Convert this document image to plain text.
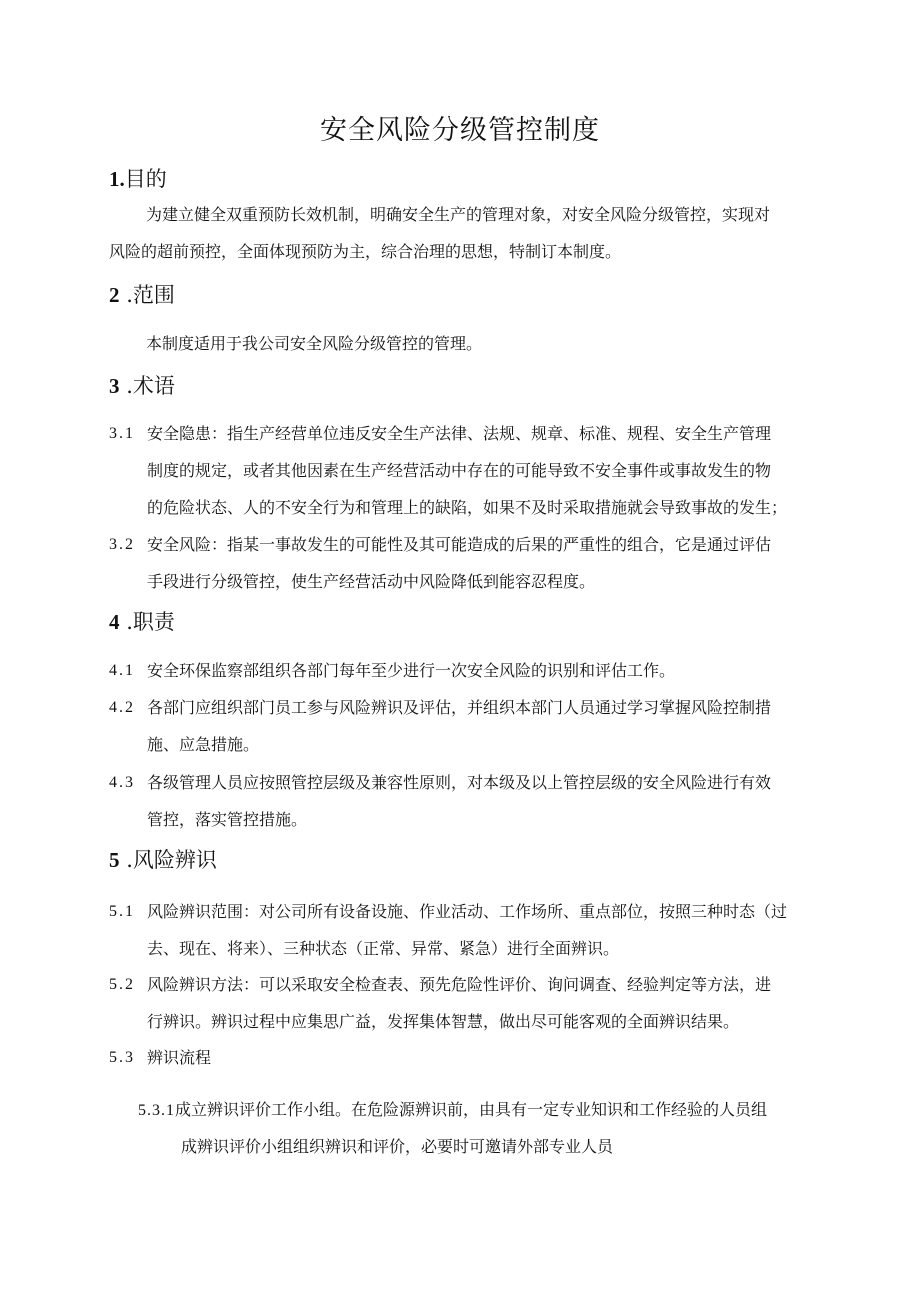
安全风险分级管控制度
1.目的
为建立健全双重预防长效机制，明确安全生产的管理对象，对安全风险分级管控，实现对
风险的超前预控，全面体现预防为主，综合治理的思想，特制订本制度。
2 .范围
本制度适用于我公司安全风险分级管控的管理。
3 .术语
3.1 安全隐患：指生产经营单位违反安全生产法律、法规、规章、标准、规程、安全生产管理
制度的规定，或者其他因素在生产经营活动中存在的可能导致不安全事件或事故发生的物
的危险状态、人的不安全行为和管理上的缺陷，如果不及时采取措施就会导致事故的发生；
3.2 安全风险：指某一事故发生的可能性及其可能造成的后果的严重性的组合，它是通过评估
手段进行分级管控，使生产经营活动中风险降低到能容忍程度。
4 .职责
4.1 安全环保监察部组织各部门每年至少进行一次安全风险的识别和评估工作。
4.2 各部门应组织部门员工参与风险辨识及评估，并组织本部门人员通过学习掌握风险控制措
施、应急措施。
4.3 各级管理人员应按照管控层级及兼容性原则，对本级及以上管控层级的安全风险进行有效
管控，落实管控措施。
5 .风险辨识
5.1 风险辨识范围：对公司所有设备设施、作业活动、工作场所、重点部位，按照三种时态（过
去、现在、将来）、三种状态（正常、异常、紧急）进行全面辨识。
5.2 风险辨识方法：可以采取安全检查表、预先危险性评价、询问调查、经验判定等方法，进
行辨识。辨识过程中应集思广益，发挥集体智慧，做出尽可能客观的全面辨识结果。
5.3 辨识流程
5.3.1成立辨识评价工作小组。在危险源辨识前，由具有一定专业知识和工作经验的人员组
成辨识评价小组组织辨识和评价，必要时可邀请外部专业人员
